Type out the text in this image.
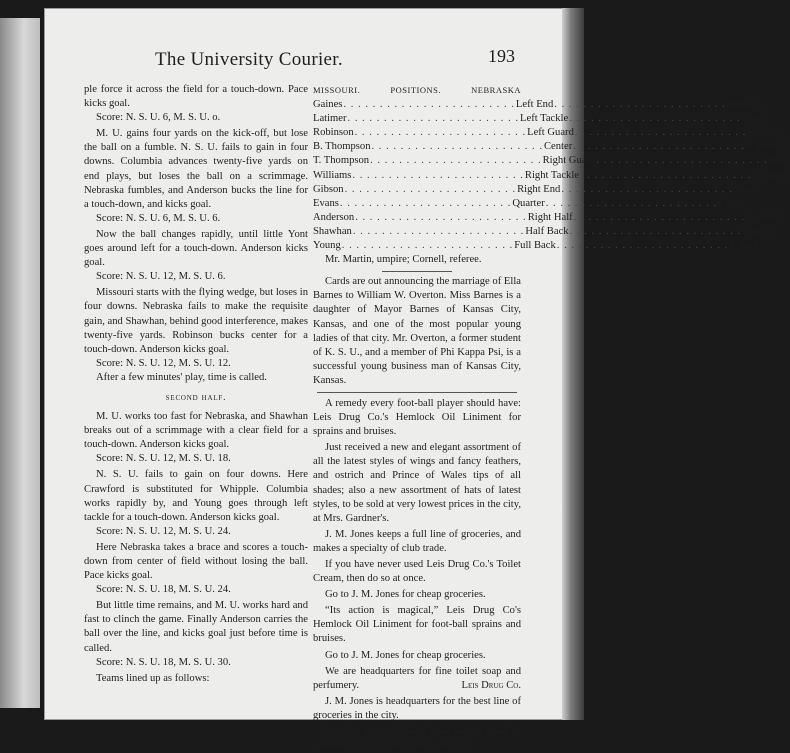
The University Courier.	193

ple force it across the field for a touch-down. Pace kicks goal.

Score: N. S. U. 6, M. S. U. o.

M. U. gains four yards on the kick-off, but lose the ball on a fumble. N. S. U. fails to gain in four downs. Columbia advances twenty-five yards on end plays, but loses the ball on a scrimmage. Nebraska fumbles, and Anderson bucks the line for a touch-down, and kicks goal.

Score: N. S. U. 6, M. S. U. 6.

Now the ball changes rapidly, until little Yont goes around left for a touch-down. Anderson kicks goal.

Score: N. S. U. 12, M. S. U. 6.

Missouri starts with the flying wedge, but loses in four downs. Nebraska fails to make the requisite gain, and Shawhan, behind good interference, makes twenty-five yards. Robinson bucks center for a touch-down. Anderson kicks goal.

Score: N. S. U. 12, M. S. U. 12.

After a few minutes' play, time is called.

second half.

M. U. works too fast for Nebraska, and Shawhan breaks out of a scrimmage with a clear field for a touch-down. Anderson kicks goal.

Score: N. S. U. 12, M. S. U. 18.

N. S. U. fails to gain on four downs. Here Crawford is substituted for Whipple. Columbia works rapidly by, and Young goes through left tackle for a touch-down. Anderson kicks goal.

Score: N. S. U. 12, M. S. U. 24.

Here Nebraska takes a brace and scores a touch-down from center of field without losing the ball. Pace kicks goal.

Score: N. S. U. 18, M. S. U. 24.

But little time remains, and M. U. works hard and fast to clinch the game. Finally Anderson carries the ball over the line, and kicks goal just before time is called.

Score: N. S. U. 18, M. S. U. 30.

Teams lined up as follows:

MISSOURI.	POSITIONS.	NEBRASKA
Gaines . . . . . . . . . . . . . . . . . . . . . . . . Left End . . . . . . . . . . . . . . . . . . . . . . . . Johnson
Latimer . . . . . . . . . . . . . . . . . . . . . . . . Left Tackle . . . . . . . . . . . . . . . . . . . . . . . . Oury
Robinson . . . . . . . . . . . . . . . . . . . . . . . . Left Guard . . . . . . . . . . . . . . . . . . . . . . . . Wilson
B. Thompson . . . . . . . . . . . . . . . . . . . . . . . . Center . . . . . . . . . . . . . . . . . . . . . . . . Hopewell
T. Thompson . . . . . . . . . . . . . . . . . . . . . . . . Right Guard . . . . . . . . . . . . . . . . . . . . . . . . Dern
Williams . . . . . . . . . . . . . . . . . . . . . . . . Right Tackle . . . . . . . . . . . . . . . . . . . . . . . . Whipple
Gibson . . . . . . . . . . . . . . . . . . . . . . . . Right End . . . . . . . . . . . . . . . . . . . . . . . . Shue
Evans . . . . . . . . . . . . . . . . . . . . . . . . Quarter . . . . . . . . . . . . . . . . . . . . . . . . Pace
Anderson . . . . . . . . . . . . . . . . . . . . . . . . Right Half . . . . . . . . . . . . . . . . . . . . . . . . A. Yont
Shawhan . . . . . . . . . . . . . . . . . . . . . . . . Half Back . . . . . . . . . . . . . . . . . . . . . . . . Flippin
Young . . . . . . . . . . . . . . . . . . . . . . . . Full Back . . . . . . . . . . . . . . . . . . . . . . . . J. Yont

Mr. Martin, umpire; Cornell, referee.

Cards are out announcing the marriage of Ella Barnes to William W. Overton. Miss Barnes is a daughter of Mayor Barnes of Kansas City, Kansas, and one of the most popular young ladies of that city. Mr. Overton, a former student of K. S. U., and a member of Phi Kappa Psi, is a successful young business man of Kansas City, Kansas.

A remedy every foot-ball player should have: Leis Drug Co.'s Hemlock Oil Liniment for sprains and bruises.

Just received a new and elegant assortment of all the latest styles of wings and fancy feathers, and ostrich and Prince of Wales tips of all shades; also a new assortment of hats of latest styles, to be sold at very lowest prices in the city, at Mrs. Gardner's.

J. M. Jones keeps a full line of groceries, and makes a specialty of club trade.

If you have never used Leis Drug Co.'s Toilet Cream, then do so at once.

Go to J. M. Jones for cheap groceries.

“Its action is magical,” Leis Drug Co's Hemlock Oil Liniment for foot-ball sprains and bruises.

Go to J. M. Jones for cheap groceries.

We are headquarters for fine toilet soap and perfumery.	Leis Drug Co.

J. M. Jones is headquarters for the best line of groceries in the city.

Leis Drug Co.'s Toile' Cream has no equal as a remedy for chapped hands and lips.
